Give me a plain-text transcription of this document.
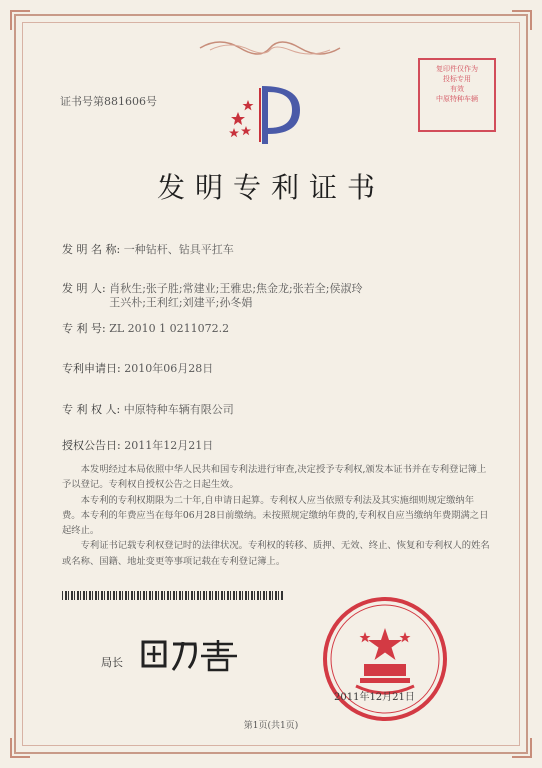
证书号第881606号
复印件仅作为
投标专用
有效
中原特种车辆
发明专利证书
发 明 名 称: 一种钻杆、钻具平扛车
发 明 人: 肖秋生;张子胜;常建业;王雅忠;焦金龙;张若全;侯淑玲
王兴朴;王利红;刘建平;孙冬娟
专 利 号: ZL 2010 1 0211072.2
专利申请日: 2010年06月28日
专 利 权 人: 中原特种车辆有限公司
授权公告日: 2011年12月21日

本发明经过本局依照中华人民共和国专利法进行审查,决定授予专利权,颁发本证书并在专利登记簿上予以登记。专利权自授权公告之日起生效。

本专利的专利权期限为二十年,自申请日起算。专利权人应当依照专利法及其实施细则规定缴纳年费。本专利的年费应当在每年06月28日前缴纳。未按照规定缴纳年费的,专利权自应当缴纳年费期满之日起终止。

专利证书记载专利权登记时的法律状况。专利权的转移、质押、无效、终止、恢复和专利权人的姓名或名称、国籍、地址变更等事项记载在专利登记簿上。

局长
2011年12月21日
第1页(共1页)
